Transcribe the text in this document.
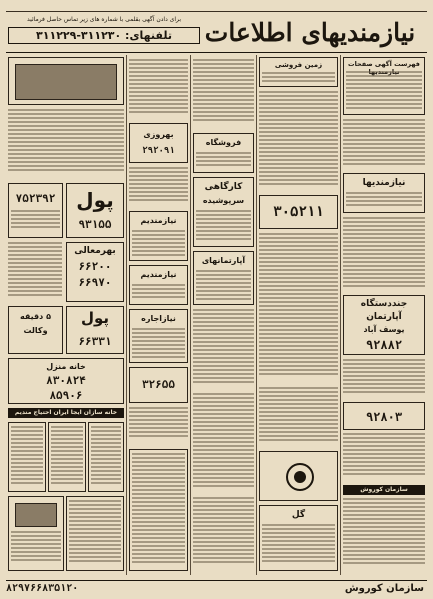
نیازمندیهای اطلاعات
برای دادن آگهی بقلمی با شماره های زیر تماس حاصل فرمائید
تلفنهای: ۳۱۱۲۳۰-۳۱۱۲۲۹
فهرست آگهی صفحات
نیازمندیها
جنددستگاه
آپارتمان
یوسف آباد
۹۲۸۸۲
۹۲۸۰۳
سازمان کوروش
زمین فروشی
۳۰۵۲۱۱
گل
فروشگاه
کارگاهی
سرپوشیده
آپارتمانهای
بهروزی
۲۹۲۰۹۱
نیازمندیم
نیازمندیم
نیازاجاره
۳۲۶۵۵
۷۵۲۳۹۲	پول
۹۳۱۵۵
بهرمعالی
۶۶۲۰۰
۶۶۹۷۰
پول
۶۶۳۳۱
۵ دقیقه
وکالت
خانه منزل
۸۳۰۸۲۴
۸۵۹۰۶
خانه سازان ایجا ایران احتیاج مندیم
سازمان کوروش
۸۲۹۷۶۶۸۳۵۱۲۰
